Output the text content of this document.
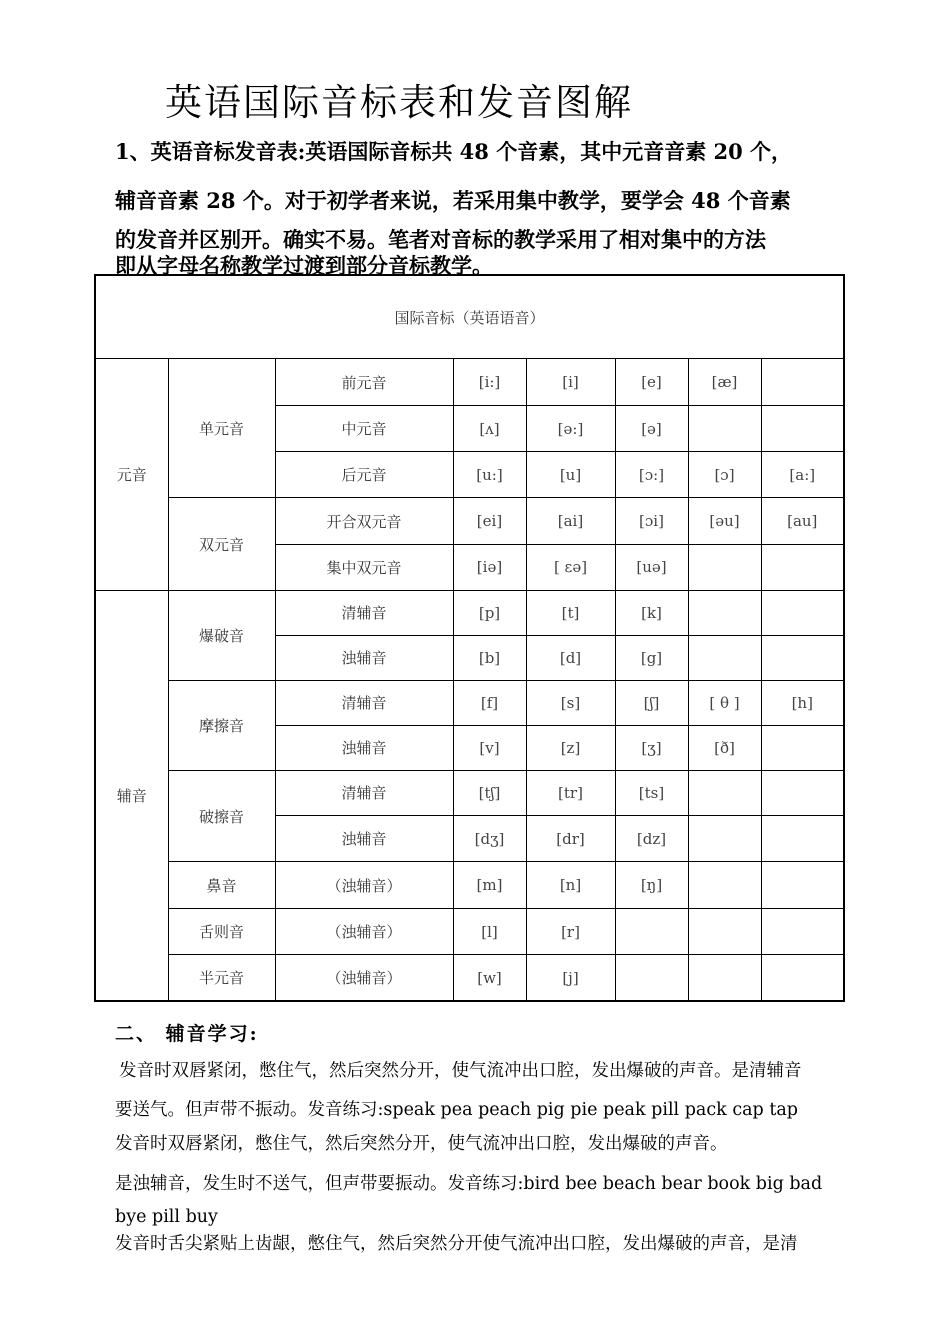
英语国际音标表和发音图解
1、英语音标发音表:英语国际音标共 48 个音素，其中元音音素 20 个，
辅音音素 28 个。对于初学者来说，若采用集中教学，要学会 48 个音素
的发音并区别开。确实不易。笔者对音标的教学采用了相对集中的方法
即从字母名称教学过渡到部分音标教学。
国际音标（英语语音）							
元音	单元音	前元音	[i:]	[i]	[e]	[æ]	
		中元音	[ʌ]	[ə:]	[ə]		
		后元音	[u:]	[u]	[ɔ:]	[ɔ]	[a:]
	双元音	开合双元音	[ei]	[ai]	[ɔi]	[əu]	[au]
		集中双元音	[iə]	[ εə]	[uə]		
辅音	爆破音	清辅音	[p]	[t]	[k]		
		浊辅音	[b]	[d]	[g]		
	摩擦音	清辅音	[f]	[s]	[ʃ]	[ θ ]	[h]
		浊辅音	[v]	[z]	[ʒ]	[ð]	
	破擦音	清辅音	[tʃ]	[tr]	[ts]		
		浊辅音	[dʒ]	[dr]	[dz]		
	鼻音	（浊辅音）	[m]	[n]	[ŋ]		
	舌则音	（浊辅音）	[l]	[r]			
	半元音	（浊辅音）	[w]	[j]			
二、 辅音学习:
发音时双唇紧闭，憋住气，然后突然分开，使气流冲出口腔，发出爆破的声音。是清辅音
要送气。但声带不振动。发音练习:speak pea peach pig pie peak pill pack cap tap
发音时双唇紧闭，憋住气，然后突然分开，使气流冲出口腔，发出爆破的声音。
是浊辅音，发生时不送气，但声带要振动。发音练习:bird bee beach bear book big bad
bye pill buy
发音时舌尖紧贴上齿龈，憋住气，然后突然分开使气流冲出口腔，发出爆破的声音，是清
